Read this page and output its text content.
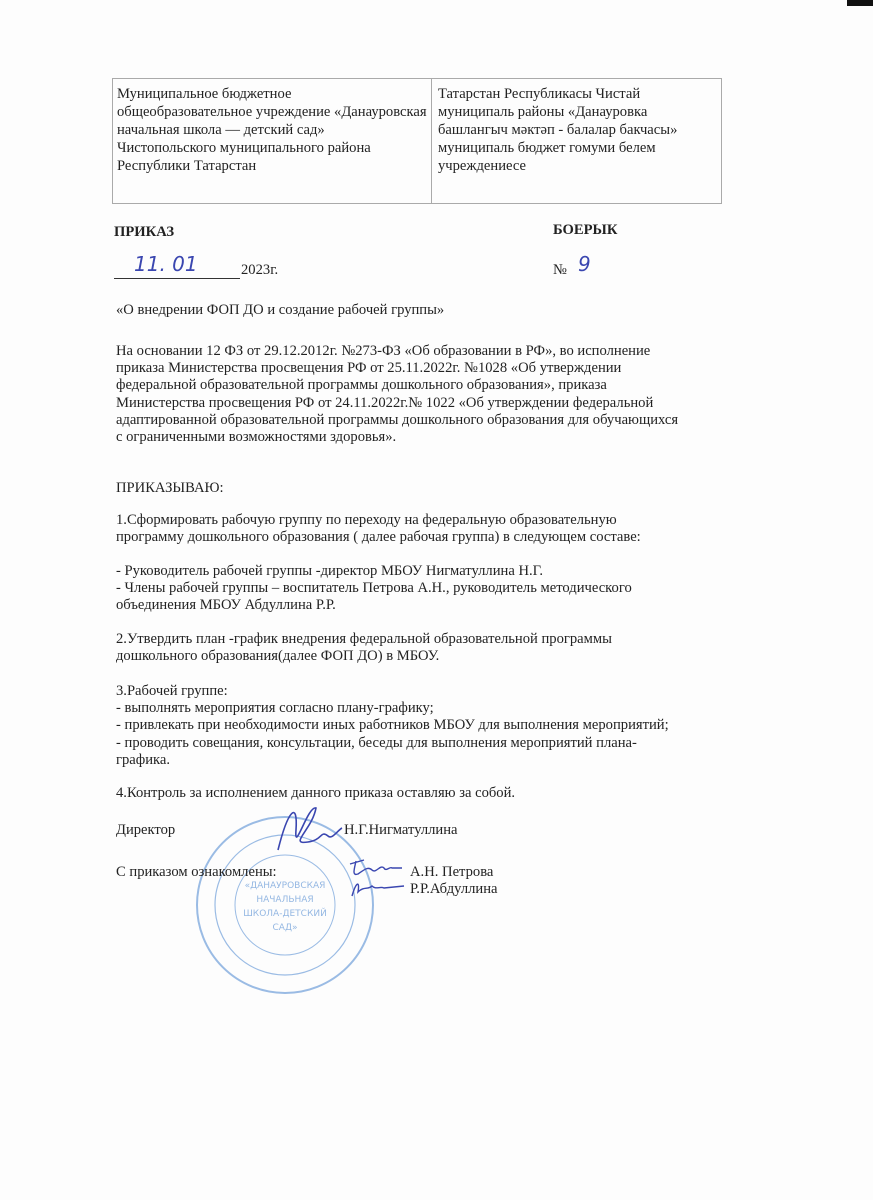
Муниципальное бюджетное общеобразовательное учреждение «Данауровская начальная школа — детский сад» Чистопольского муниципального района Республики Татарстан
Татарстан Республикасы Чистай муниципаль районы «Данауровка башлангыч мәктәп - балалар бакчасы» муниципаль бюджет гомуми белем учреждениесе
ПРИКАЗ	БОЕРЫК
11. 01	2023г.	№ 9
«О внедрении ФОП ДО и создание рабочей группы»
На основании 12 ФЗ от 29.12.2012г. №273-ФЗ «Об образовании в РФ», во исполнение
приказа Министерства просвещения РФ от 25.11.2022г. №1028 «Об утверждении
федеральной образовательной программы дошкольного образования», приказа
Министерства просвещения РФ от 24.11.2022г.№ 1022 «Об утверждении федеральной
адаптированной образовательной программы дошкольного образования для обучающихся
с ограниченными возможностями здоровья».
ПРИКАЗЫВАЮ:
1.Сформировать рабочую группу по переходу на федеральную образовательную
программу дошкольного образования ( далее рабочая группа) в следующем составе:
- Руководитель рабочей группы -директор МБОУ Нигматуллина Н.Г.
- Члены рабочей группы – воспитатель Петрова А.Н., руководитель методического
объединения МБОУ Абдуллина Р.Р.
2.Утвердить план -график внедрения федеральной образовательной программы
дошкольного образования(далее ФОП ДО) в МБОУ.
3.Рабочей группе:
- выполнять мероприятия согласно плану-графику;
- привлекать при необходимости иных работников МБОУ для выполнения мероприятий;
- проводить совещания, консультации, беседы для выполнения мероприятий плана-
графика.
4.Контроль за исполнением данного приказа оставляю за собой.
«ДАНАУРОВСКАЯ
НАЧАЛЬНАЯ
ШКОЛА-ДЕТСКИЙ
САД»
Директор	Н.Г.Нигматуллина
С приказом ознакомлены:	А.Н. Петрова
Р.Р.Абдуллина
